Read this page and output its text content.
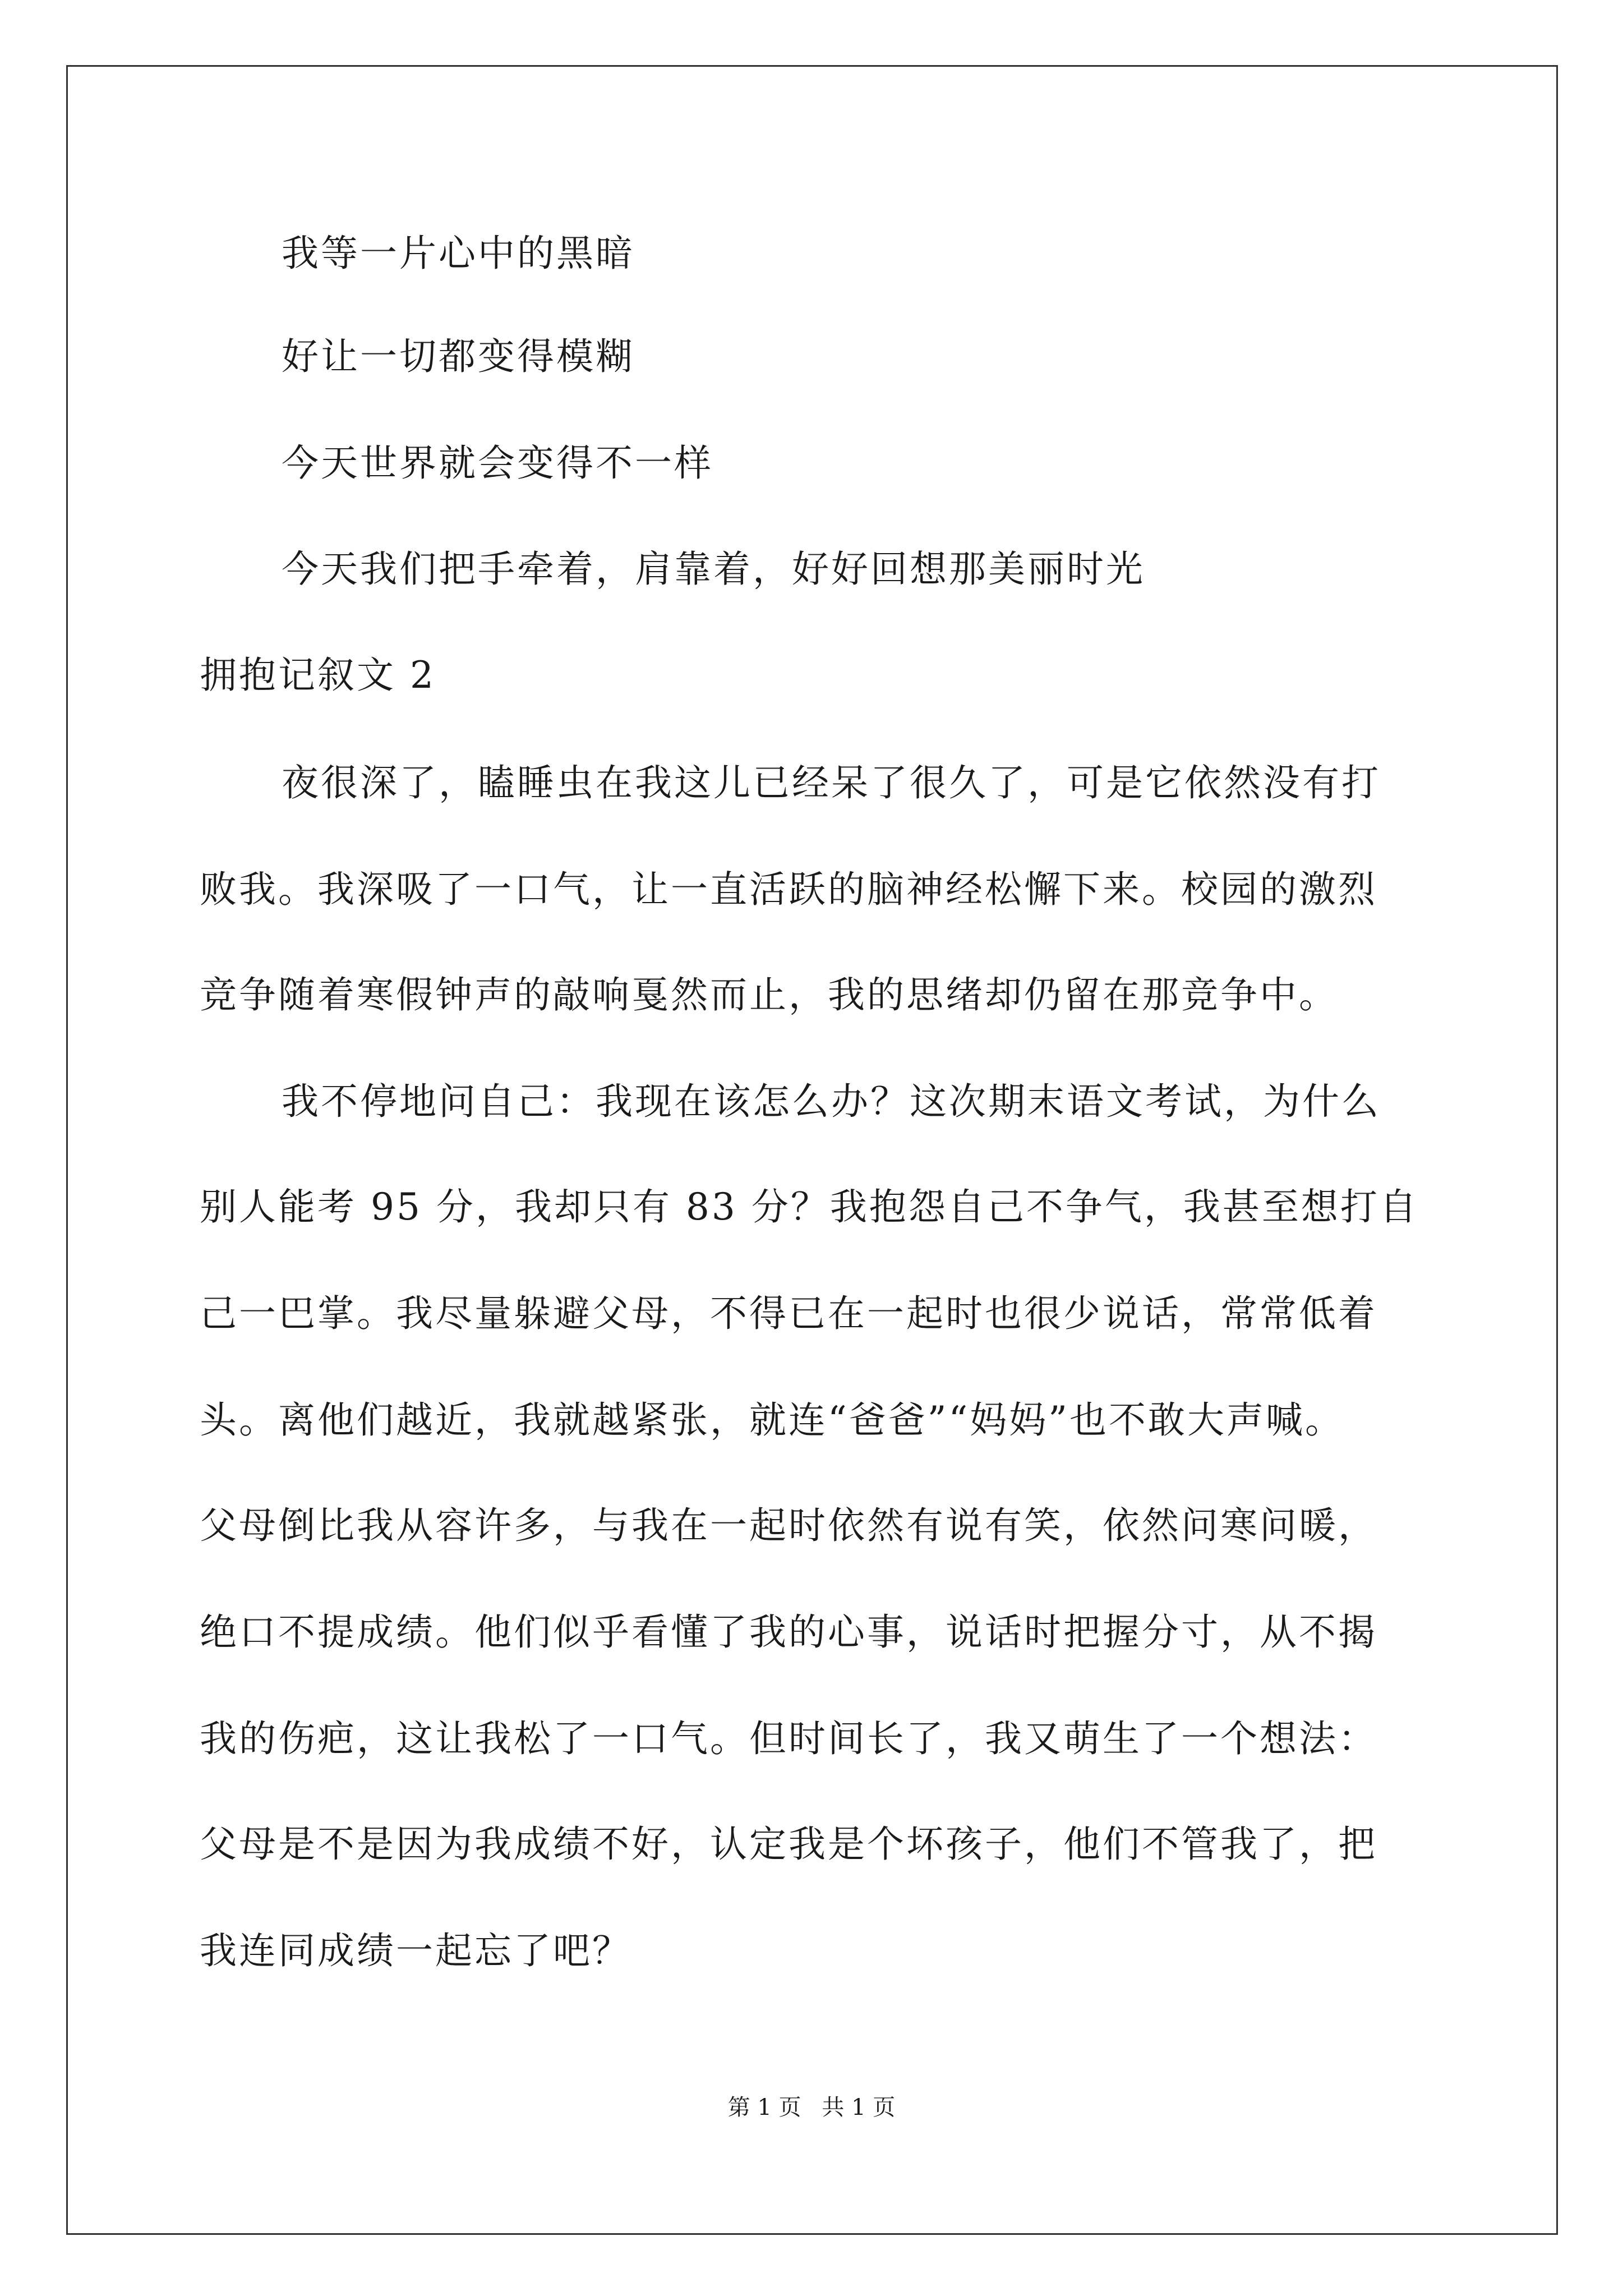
我等一片心中的黑暗
好让一切都变得模糊
今天世界就会变得不一样
今天我们把手牵着，肩靠着，好好回想那美丽时光
拥抱记叙文 2
夜很深了，瞌睡虫在我这儿已经呆了很久了，可是它依然没有打
败我。我深吸了一口气，让一直活跃的脑神经松懈下来。校园的激烈
竞争随着寒假钟声的敲响戛然而止，我的思绪却仍留在那竞争中。
我不停地问自己：我现在该怎么办？这次期末语文考试，为什么
别人能考 95 分，我却只有 83 分？我抱怨自己不争气，我甚至想打自
己一巴掌。我尽量躲避父母，不得已在一起时也很少说话，常常低着
头。离他们越近，我就越紧张，就连“爸爸”“妈妈”也不敢大声喊。
父母倒比我从容许多，与我在一起时依然有说有笑，依然问寒问暖，
绝口不提成绩。他们似乎看懂了我的心事，说话时把握分寸，从不揭
我的伤疤，这让我松了一口气。但时间长了，我又萌生了一个想法：
父母是不是因为我成绩不好，认定我是个坏孩子，他们不管我了，把
我连同成绩一起忘了吧？
第 1 页 共 1 页
